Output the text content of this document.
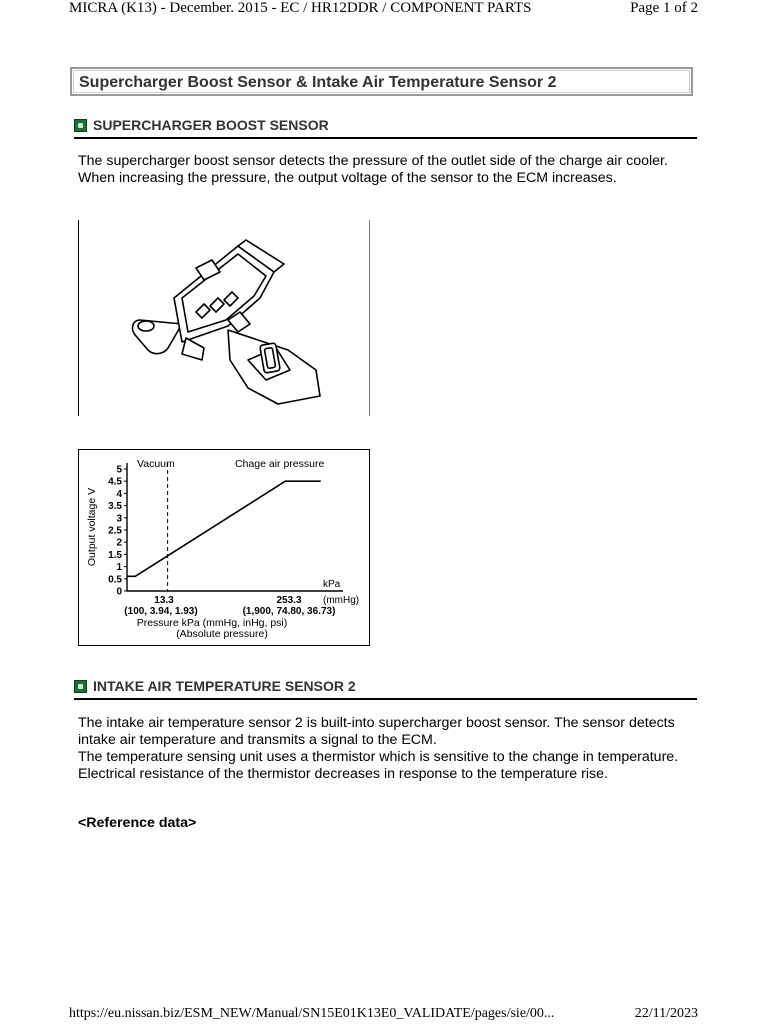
MICRA (K13) - December. 2015 - EC / HR12DDR / COMPONENT PARTS	Page 1 of 2
Supercharger Boost Sensor & Intake Air Temperature Sensor 2
SUPERCHARGER BOOST SENSOR

The supercharger boost sensor detects the pressure of the outlet side of the charge air cooler. When increasing the pressure, the output voltage of the sensor to the ECM increases.

0
0.5
1
1.5
2
2.5
3
3.5
4
4.5
5
Output voltage V
Vacuum	Chage air pressure
13.3
(100, 3.94, 1.93)
253.3
(1,900, 74.80, 36.73)
kPa
(mmHg)
Pressure kPa (mmHg, inHg, psi)
(Absolute pressure)
INTAKE AIR TEMPERATURE SENSOR 2

The intake air temperature sensor 2 is built-into supercharger boost sensor. The sensor detects intake air temperature and transmits a signal to the ECM.

The temperature sensing unit uses a thermistor which is sensitive to the change in temperature. Electrical resistance of the thermistor decreases in response to the temperature rise.

<Reference data>
https://eu.nissan.biz/ESM_NEW/Manual/SN15E01K13E0_VALIDATE/pages/sie/00...	22/11/2023
